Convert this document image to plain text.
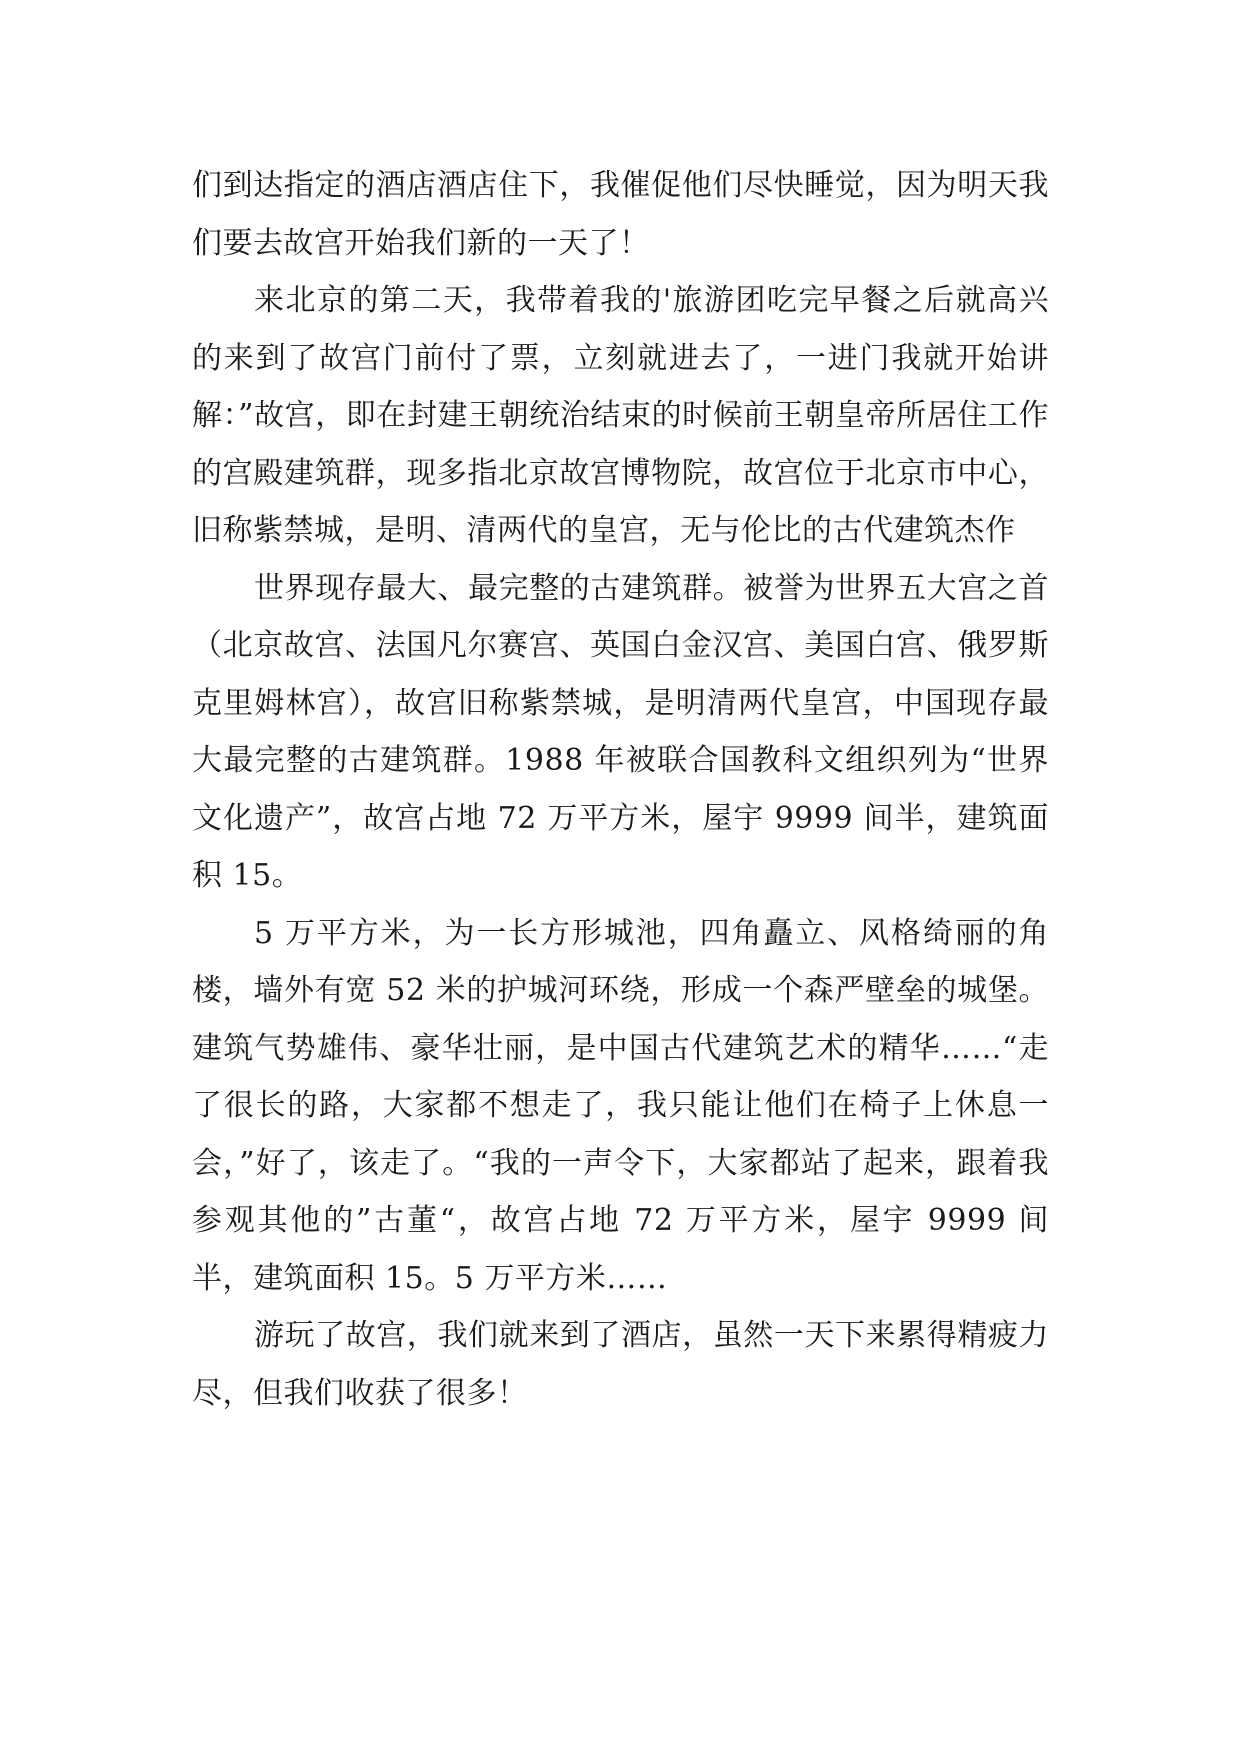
们到达指定的酒店酒店住下，我催促他们尽快睡觉，因为明天我们要去故宫开始我们新的一天了！

来北京的第二天，我带着我的'旅游团吃完早餐之后就高兴的来到了故宫门前付了票，立刻就进去了，一进门我就开始讲解：”故宫，即在封建王朝统治结束的时候前王朝皇帝所居住工作的宫殿建筑群，现多指北京故宫博物院，故宫位于北京市中心，旧称紫禁城，是明、清两代的皇宫，无与伦比的古代建筑杰作

世界现存最大、最完整的古建筑群。被誉为世界五大宫之首（北京故宫、法国凡尔赛宫、英国白金汉宫、美国白宫、俄罗斯克里姆林宫），故宫旧称紫禁城，是明清两代皇宫，中国现存最大最完整的古建筑群。1988 年被联合国教科文组织列为“世界文化遗产”，故宫占地 72 万平方米，屋宇 9999 间半，建筑面积 15。

5 万平方米，为一长方形城池，四角矗立、风格绮丽的角楼，墙外有宽 52 米的护城河环绕，形成一个森严壁垒的城堡。建筑气势雄伟、豪华壮丽，是中国古代建筑艺术的精华……“走了很长的路，大家都不想走了，我只能让他们在椅子上休息一会，”好了，该走了。“我的一声令下，大家都站了起来，跟着我参观其他的”古董“，故宫占地 72 万平方米，屋宇 9999 间半，建筑面积 15。5 万平方米……

游玩了故宫，我们就来到了酒店，虽然一天下来累得精疲力尽，但我们收获了很多！
